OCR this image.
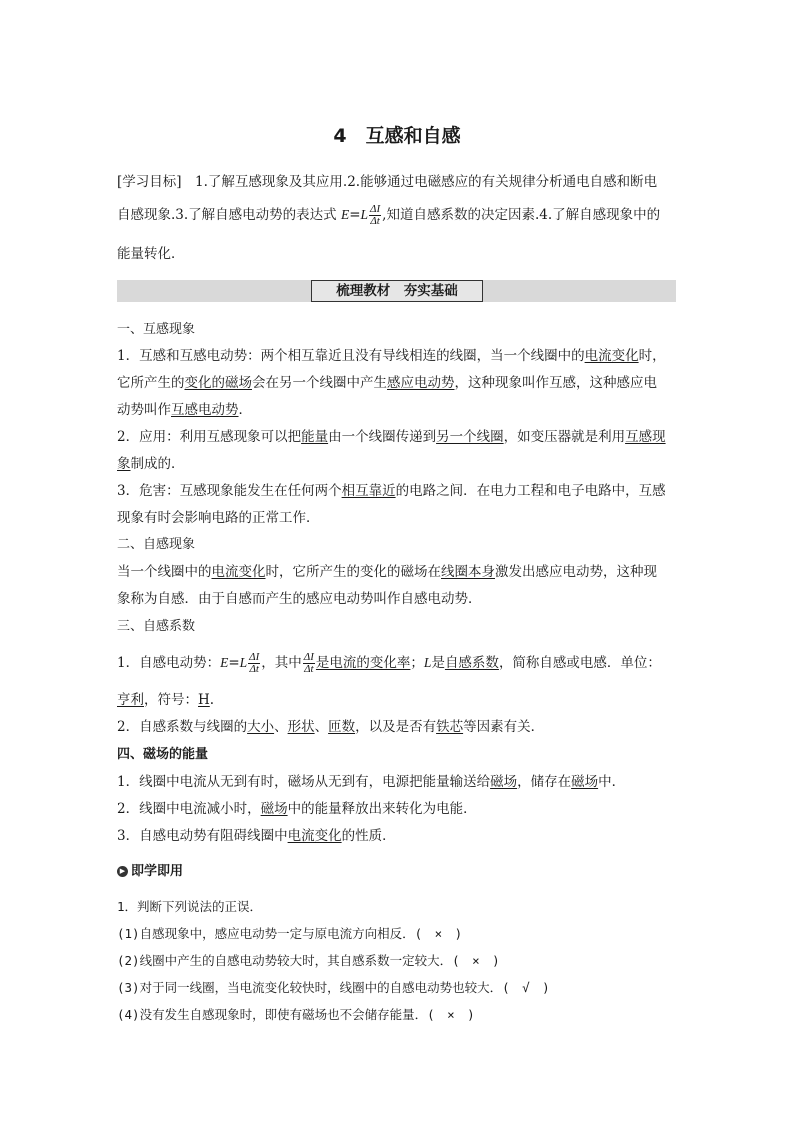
4　互感和自感
[学习目标]　 1.了解互感现象及其应用.2.能够通过电磁感应的有关规律分析通电自感和断电
自感现象.3.了解自感电动势的表达式 $E=L \frac{\Delta I}{\Delta t}$ ,知道自感系数的决定因素.4.了解自感现象中的
能量转化．
梳理教材　夯实基础
一、互感现象
1．互感和互感电动势：两个相互靠近且没有导线相连的线圈，当一个线圈中的电流变化时，
它所产生的变化的磁场会在另一个线圈中产生感应电动势，这种现象叫作互感，这种感应电
动势叫作互感电动势．
2．应用：利用互感现象可以把能量由一个线圈传递到另一个线圈，如变压器就是利用互感现
象制成的．
3．危害：互感现象能发生在任何两个相互靠近的电路之间．在电力工程和电子电路中，互感
现象有时会影响电路的正常工作．
二、自感现象
当一个线圈中的电流变化时，它所产生的变化的磁场在线圈本身激发出感应电动势，这种现
象称为自感．由于自感而产生的感应电动势叫作自感电动势．
三、自感系数
1．自感电动势：$E=L \frac{\Delta I}{\Delta t}$ ，其中 $\frac{\Delta I}{\Delta t}$ 是电流的变化率；L是自感系数，简称自感或电感．单位：
亨利，符号：H.
2．自感系数与线圈的大小、形状、匝数，以及是否有铁芯等因素有关．
四、磁场的能量
1．线圈中电流从无到有时，磁场从无到有，电源把能量输送给磁场，储存在磁场中．
2．线圈中电流减小时，磁场中的能量释放出来转化为电能．
3．自感电动势有阻碍线圈中电流变化的性质．
▶ 即学即用
1．判断下列说法的正误．
(1)自感现象中，感应电动势一定与原电流方向相反．(　×　)
(2)线圈中产生的自感电动势较大时，其自感系数一定较大．(　×　)
(3)对于同一线圈，当电流变化较快时，线圈中的自感电动势也较大．(　√　)
(4)没有发生自感现象时，即使有磁场也不会储存能量．(　×　)
